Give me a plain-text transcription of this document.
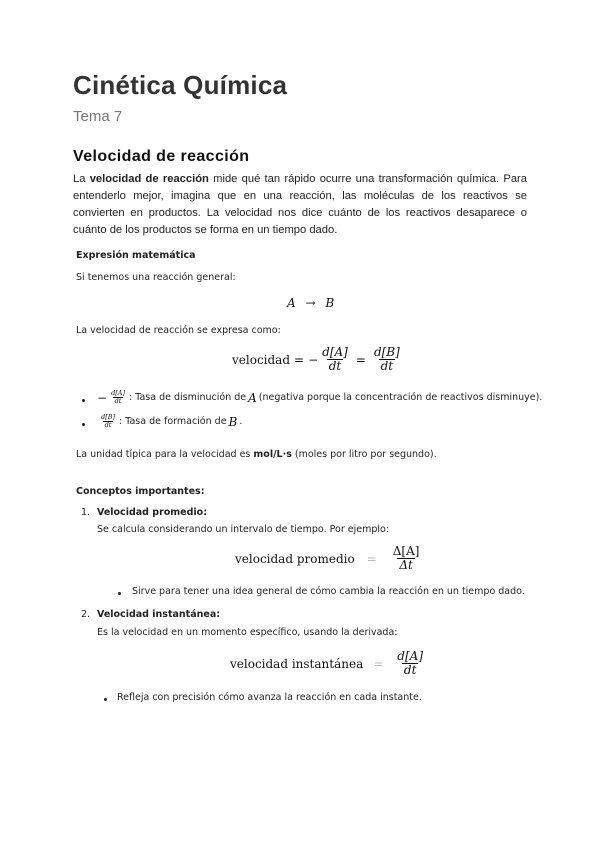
Cinética Química
Tema 7
Velocidad de reacción
La velocidad de reacción mide qué tan rápido ocurre una transformación química. Para entenderlo mejor, imagina que en una reacción, las moléculas de los reactivos se convierten en productos. La velocidad nos dice cuánto de los reactivos desaparece o cuánto de los productos se forma en un tiempo dado.
Expresión matemática
Si tenemos una reacción general:
A → B
La velocidad de reacción se expresa como:
velocidad = − $\frac{d[A]}{dt} = \frac{d[B]}{dt}$
− $\frac{d[A]}{dt}$ : Tasa de disminución de A (negativa porque la concentración de reactivos disminuye).
$\frac{d[B]}{dt}$ : Tasa de formación de B .
La unidad típica para la velocidad es mol/L·s (moles por litro por segundo).
Conceptos importantes:
1. Velocidad promedio:
Se calcula considerando un intervalo de tiempo. Por ejemplo:
velocidad promedio = $\frac{\Delta[A]}{\Delta t}$
Sirve para tener una idea general de cómo cambia la reacción en un tiempo dado.
2. Velocidad instantánea:
Es la velocidad en un momento específico, usando la derivada:
velocidad instantánea = $\frac{d[A]}{dt}$
Refleja con precisión cómo avanza la reacción en cada instante.
